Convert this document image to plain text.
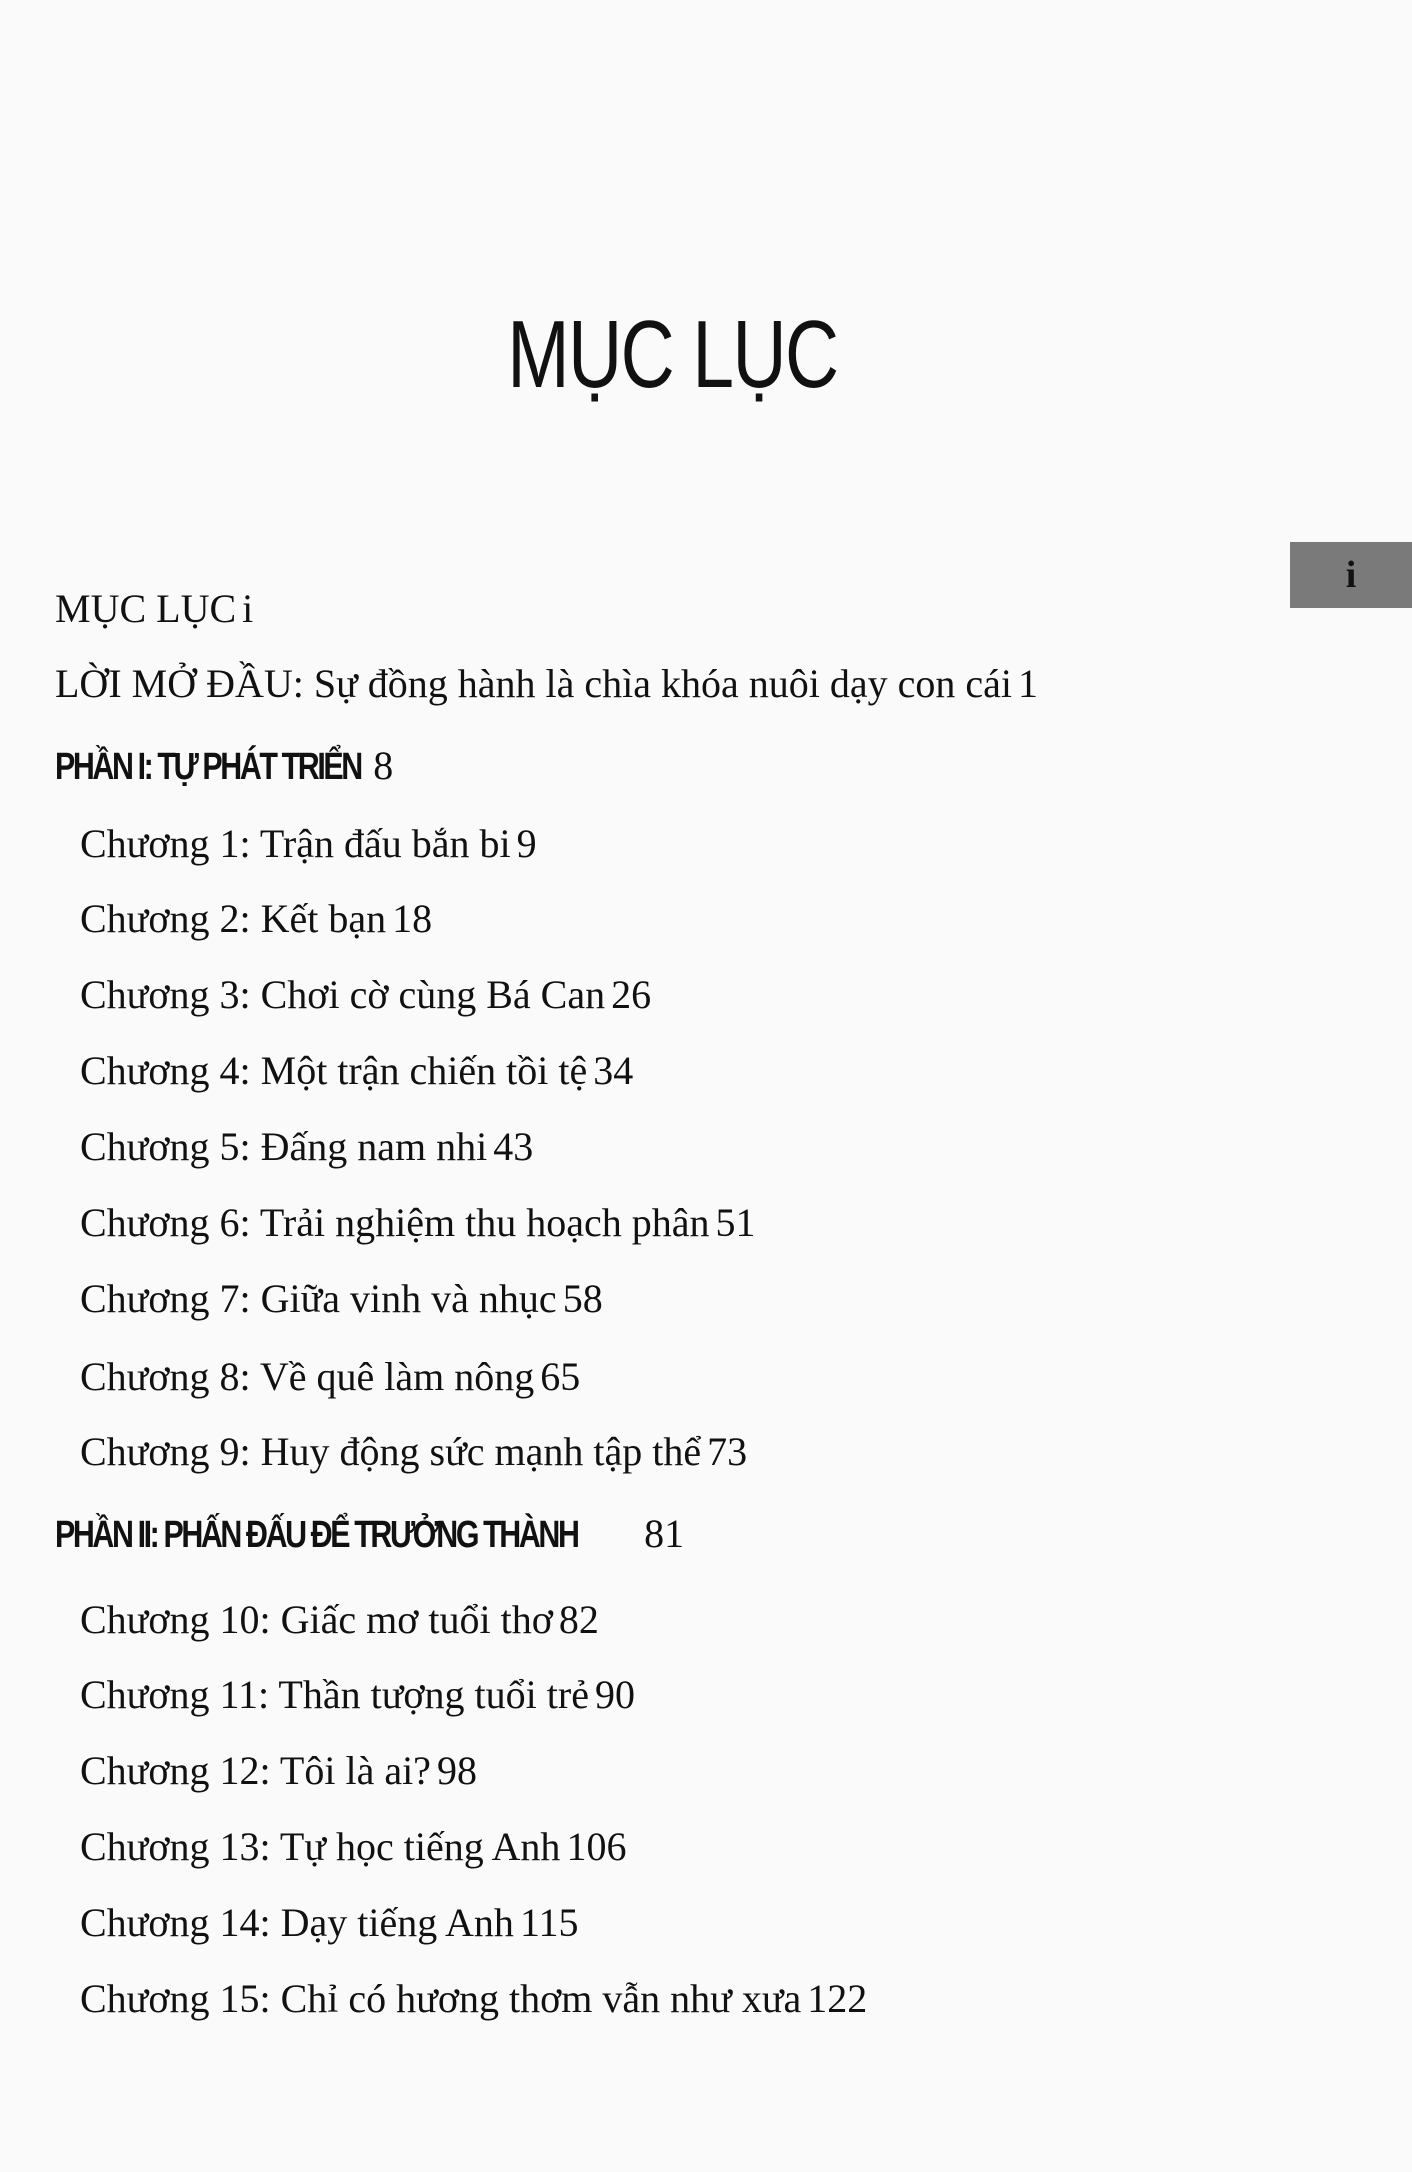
MỤC LỤC
i
MỤC LỤC i
LỜI MỞ ĐẦU: Sự đồng hành là chìa khóa nuôi dạy con cái 1
PHẦN I: TỰ PHÁT TRIỂN 8
Chương 1: Trận đấu bắn bi 9
Chương 2: Kết bạn 18
Chương 3: Chơi cờ cùng Bá Can 26
Chương 4: Một trận chiến tồi tệ 34
Chương 5: Đấng nam nhi 43
Chương 6: Trải nghiệm thu hoạch phân 51
Chương 7: Giữa vinh và nhục 58
Chương 8: Về quê làm nông 65
Chương 9: Huy động sức mạnh tập thể 73
PHẦN II: PHẤN ĐẤU ĐỂ TRƯỞNG THÀNH 81
Chương 10: Giấc mơ tuổi thơ 82
Chương 11: Thần tượng tuổi trẻ 90
Chương 12: Tôi là ai? 98
Chương 13: Tự học tiếng Anh 106
Chương 14: Dạy tiếng Anh 115
Chương 15: Chỉ có hương thơm vẫn như xưa 122
